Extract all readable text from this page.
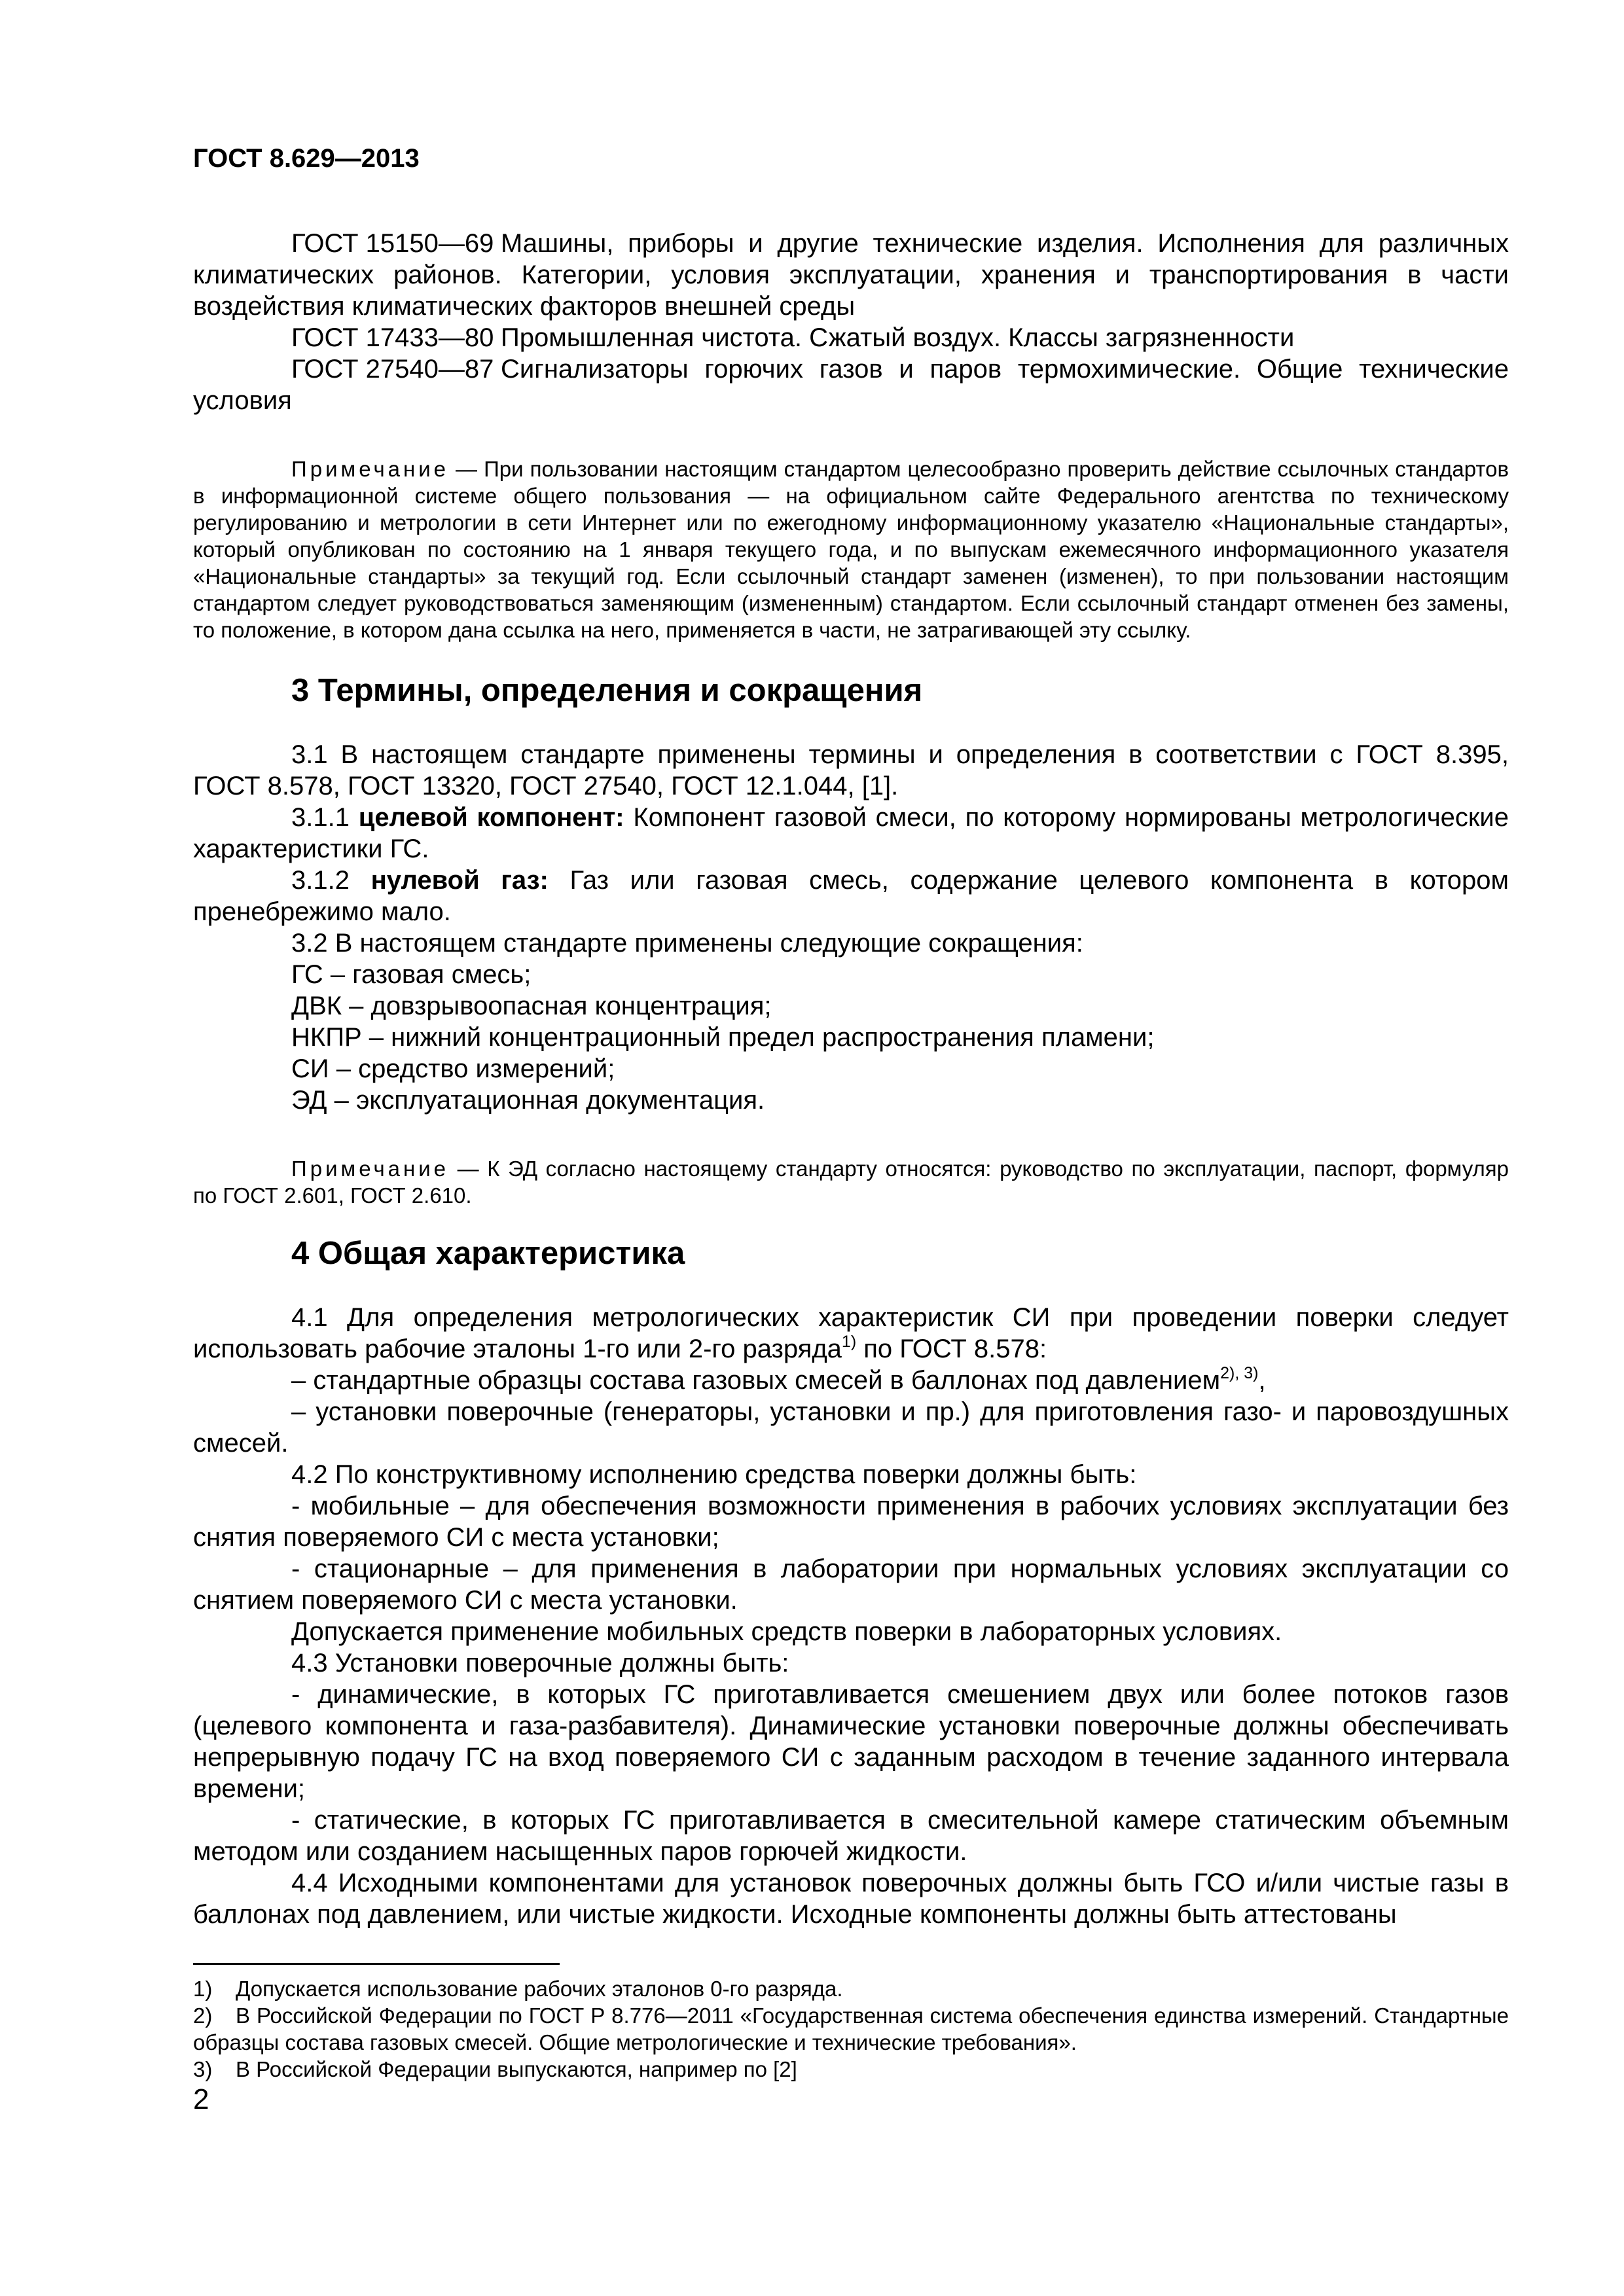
ГОСТ 8.629—2013

ГОСТ 15150—69 Машины, приборы и другие технические изделия. Исполнения для различных климатических районов. Категории, условия эксплуатации, хранения и транспортирования в части воздействия климатических факторов внешней среды

ГОСТ 17433—80 Промышленная чистота. Сжатый воздух. Классы загрязненности

ГОСТ 27540—87 Сигнализаторы горючих газов и паров термохимические. Общие технические условия

Примечание — При пользовании настоящим стандартом целесообразно проверить действие ссылочных стандартов в информационной системе общего пользования — на официальном сайте Федерального агентства по техническому регулированию и метрологии в сети Интернет или по ежегодному информационному указателю «Национальные стандарты», который опубликован по состоянию на 1 января текущего года, и по выпускам ежемесячного информационного указателя «Национальные стандарты» за текущий год. Если ссылочный стандарт заменен (изменен), то при пользовании настоящим стандартом следует руководствоваться заменяющим (измененным) стандартом. Если ссылочный стандарт отменен без замены, то положение, в котором дана ссылка на него, применяется в части, не затрагивающей эту ссылку.

3 Термины, определения и сокращения

3.1 В настоящем стандарте применены термины и определения в соответствии с ГОСТ 8.395, ГОСТ 8.578, ГОСТ 13320, ГОСТ 27540, ГОСТ 12.1.044, [1].

3.1.1 целевой компонент: Компонент газовой смеси, по которому нормированы метрологические характеристики ГС.

3.1.2 нулевой газ: Газ или газовая смесь, содержание целевого компонента в котором пренебрежимо мало.

3.2 В настоящем стандарте применены следующие сокращения:

ГС – газовая смесь;

ДВК – довзрывоопасная концентрация;

НКПР – нижний концентрационный предел распространения пламени;

СИ – средство измерений;

ЭД – эксплуатационная документация.

Примечание — К ЭД согласно настоящему стандарту относятся: руководство по эксплуатации, паспорт, формуляр по ГОСТ 2.601, ГОСТ 2.610.

4 Общая характеристика

4.1 Для определения метрологических характеристик СИ при проведении поверки следует использовать рабочие эталоны 1-го или 2-го разряда$^{1)}$ по ГОСТ 8.578:

– стандартные образцы состава газовых смесей в баллонах под давлением$^{2), 3)}$,

– установки поверочные (генераторы, установки и пр.) для приготовления газо- и паровоздушных смесей.

4.2 По конструктивному исполнению средства поверки должны быть:

- мобильные – для обеспечения возможности применения в рабочих условиях эксплуатации без снятия поверяемого СИ с места установки;

- стационарные – для применения в лаборатории при нормальных условиях эксплуатации со снятием поверяемого СИ с места установки.

Допускается применение мобильных средств поверки в лабораторных условиях.

4.3 Установки поверочные должны быть:

- динамические, в которых ГС приготавливается смешением двух или более потоков газов (целевого компонента и газа-разбавителя). Динамические установки поверочные должны обеспечивать непрерывную подачу ГС на вход поверяемого СИ с заданным расходом в течение заданного интервала времени;

- статические, в которых ГС приготавливается в смесительной камере статическим объемным методом или созданием насыщенных паров горючей жидкости.

4.4 Исходными компонентами для установок поверочных должны быть ГСО и/или чистые газы в баллонах под давлением, или чистые жидкости. Исходные компоненты должны быть аттестованы

1) Допускается использование рабочих эталонов 0-го разряда.

2) В Российской Федерации по ГОСТ Р 8.776—2011 «Государственная система обеспечения единства измерений. Стандартные образцы состава газовых смесей. Общие метрологические и технические требования».

3) В Российской Федерации выпускаются, например по [2]

2
